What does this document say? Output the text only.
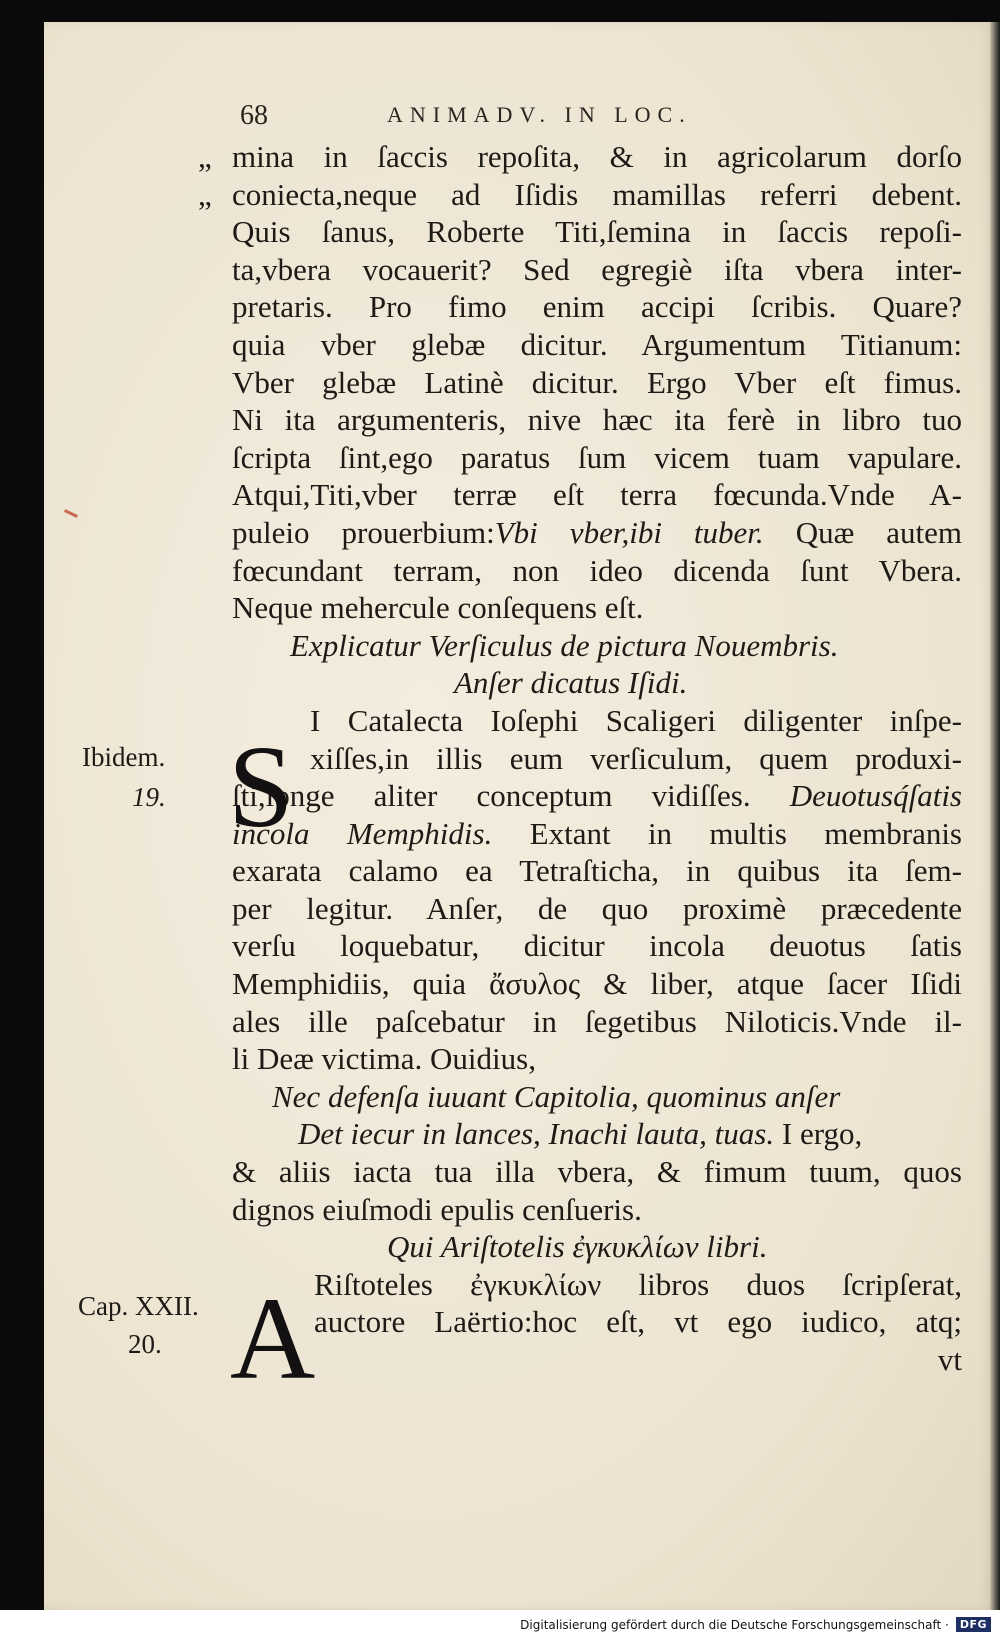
68	ANIMADV. IN LOC.
„ mina in ſaccis repoſita, & in agricolarum dorſo
„ coniecta,neque ad Iſidis mamillas referri debent.
Quis ſanus, Roberte Titi,ſemina in ſaccis repoſi-
ta,vbera vocauerit? Sed egregiè iſta vbera inter-
pretaris. Pro fimo enim accipi ſcribis. Quare?
quia vber glebæ dicitur. Argumentum Titianum:
Vber glebæ Latinè dicitur. Ergo Vber eſt fimus.
Ni ita argumenteris, nive hæc ita ferè in libro tuo
ſcripta ſint,ego paratus ſum vicem tuam vapulare.
Atqui,Titi,vber terræ eſt terra fœcunda.Vnde A-
puleio prouerbium:Vbi vber,ibi tuber. Quæ autem
fœcundant terram, non ideo dicenda ſunt Vbera.
Neque mehercule conſequens eſt.
Explicatur Verſiculus de pictura Nouembris.
Anſer dicatus Iſidi.
I Catalecta Ioſephi Scaligeri diligenter inſpe-
xiſſes,in illis eum verſiculum, quem produxi-
ſti,longe aliter conceptum vidiſſes. Deuotusq́ſatis
incola Memphidis. Extant in multis membranis
exarata calamo ea Tetraſticha, in quibus ita ſem-
per legitur. Anſer, de quo proximè præcedente
verſu loquebatur, dicitur incola deuotus ſatis
Memphidiis, quia ἄσυλος & liber, atque ſacer Iſidi
ales ille paſcebatur in ſegetibus Niloticis.Vnde il-
li Deæ victima. Ouidius,
Nec defenſa iuuant Capitolia, quominus anſer
Det iecur in lances, Inachi lauta, tuas. I ergo,
& aliis iacta tua illa vbera, & fimum tuum, quos
dignos eiuſmodi epulis cenſueris.
Qui Ariſtotelis ἐγκυκλίων libri.
Riſtoteles ἐγκυκλίων libros duos ſcripſerat,
auctore Laërtio:hoc eſt, vt ego iudico, atq;
vt
Ibidem.
19. S
Cap. XXII.
20. A
Digitalisierung gefördert durch die Deutsche Forschungsgemeinschaft ·	DFG
